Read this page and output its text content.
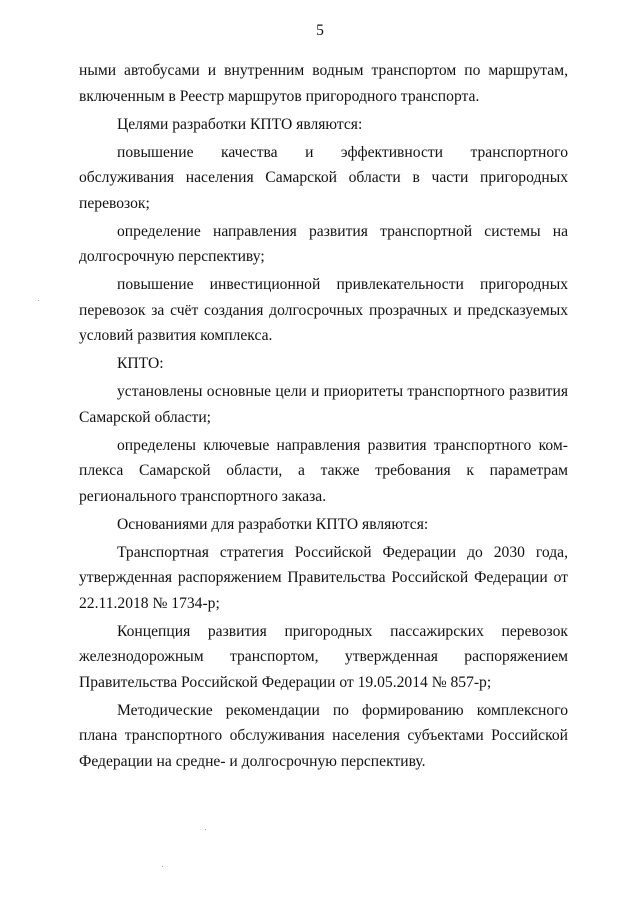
5

ными автобусами и внутренним водным транспортом по маршрутам, включенным в Реестр маршрутов пригородного транспорта.

Целями разработки КПТО являются:

повышение качества и эффективности транспортного обслуживания населения Самарской области в части пригородных перевозок;

определение направления развития транспортной системы на долгосрочную перспективу;

повышение инвестиционной привлекательности пригородных перевозок за счёт создания долгосрочных прозрачных и предсказуемых условий развития комплекса.

КПТО:

установлены основные цели и приоритеты транспортного развития Самарской области;

определены ключевые направления развития транспортного комплекса Самарской области, а также требования к параметрам регионального транспортного заказа.

Основаниями для разработки КПТО являются:

Транспортная стратегия Российской Федерации до 2030 года, утвержденная распоряжением Правительства Российской Федерации от 22.11.2018 № 1734-р;

Концепция развития пригородных пассажирских перевозок железнодорожным транспортом, утвержденная распоряжением Правительства Российской Федерации от 19.05.2014 № 857-р;

Методические рекомендации по формированию комплексного плана транспортного обслуживания населения субъектами Российской Федерации на средне- и долгосрочную перспективу.
